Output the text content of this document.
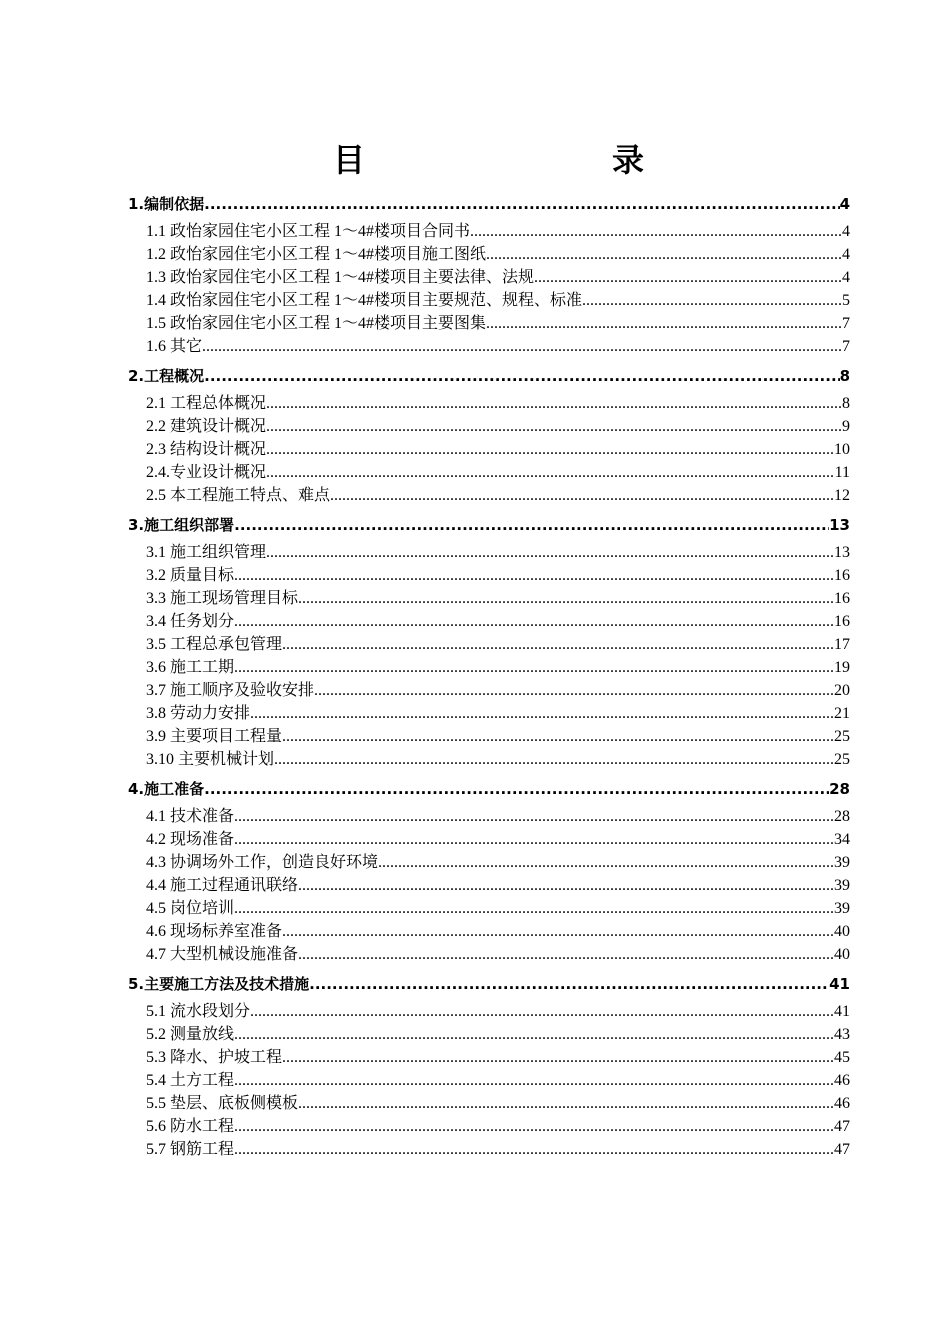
目	录
1.编制依据 .....	4
1.1 政怡家园住宅小区工程 1～4#楼项目合同书 .....	4
1.2 政怡家园住宅小区工程 1～4#楼项目施工图纸 .....	4
1.3 政怡家园住宅小区工程 1～4#楼项目主要法律、法规 .....	4
1.4 政怡家园住宅小区工程 1～4#楼项目主要规范、规程、标准 .....	5
1.5 政怡家园住宅小区工程 1～4#楼项目主要图集 .....	7
1.6 其它 .....	7
2.工程概况 .....	8
2.1 工程总体概况 .....	8
2.2 建筑设计概况 .....	9
2.3 结构设计概况 .....	10
2.4.专业设计概况 .....	11
2.5 本工程施工特点、难点 .....	12
3.施工组织部署 .....	13
3.1 施工组织管理 .....	13
3.2 质量目标 .....	16
3.3 施工现场管理目标 .....	16
3.4 任务划分 .....	16
3.5 工程总承包管理 .....	17
3.6 施工工期 .....	19
3.7 施工顺序及验收安排 .....	20
3.8 劳动力安排 .....	21
3.9 主要项目工程量 .....	25
3.10 主要机械计划 .....	25
4.施工准备 .....	28
4.1 技术准备 .....	28
4.2 现场准备 .....	34
4.3 协调场外工作，创造良好环境 .....	39
4.4 施工过程通讯联络 .....	39
4.5 岗位培训 .....	39
4.6 现场标养室准备 .....	40
4.7 大型机械设施准备 .....	40
5.主要施工方法及技术措施 .....	41
5.1 流水段划分 .....	41
5.2 测量放线 .....	43
5.3 降水、护坡工程 .....	45
5.4 土方工程 .....	46
5.5 垫层、底板侧模板 .....	46
5.6 防水工程 .....	47
5.7 钢筋工程 .....	47
